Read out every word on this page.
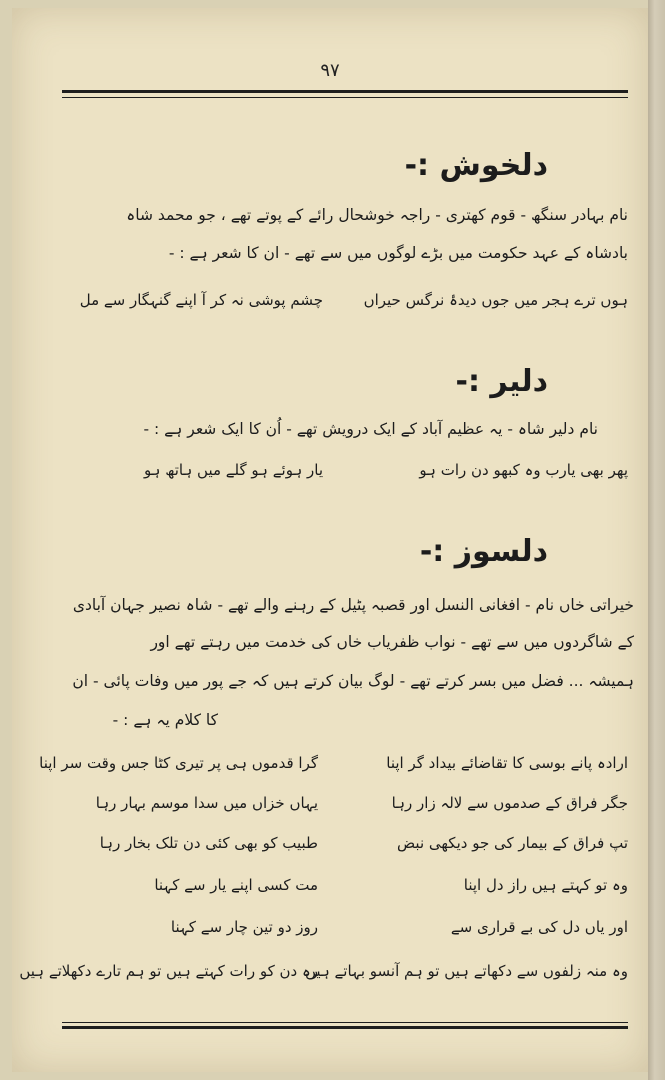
۹۷
دلخوش :-
نام بہادر سنگھ - قوم کھتری - راجہ خوشحال رائے کے پوتے تھے ، جو محمد شاہ
بادشاہ کے عہد حکومت میں بڑے لوگوں میں سے تھے - ان کا شعر ہے : -
ہوں ترے ہجر میں جوں دیدۂ نرگس حیراں
چشم پوشی نہ کر آ اپنے گنہگار سے مل
دلیر :-
نام دلیر شاہ - یہ عظیم آباد کے ایک درویش تھے - اُن کا ایک شعر ہے : -
پھر بھی یارب وہ کبھو دن رات ہو
یار ہوئے ہو گلے میں ہاتھ ہو
دلسوز :-
خیراتی خاں نام - افغانی النسل اور قصبہ پٹیل کے رہنے والے تھے - شاہ نصیر جہان آبادی
کے شاگردوں میں سے تھے - نواب ظفریاب خاں کی خدمت میں رہتے تھے اور
ہمیشہ ... فضل میں بسر کرتے تھے - لوگ بیان کرتے ہیں کہ جے پور میں وفات پائی - ان
کا کلام یہ ہے : -
ارادہ پانے بوسی کا تقاضائے بیداد گر اپنا
گرا قدموں ہی پر تیری کٹا جس وقت سر اپنا
جگر فراق کے صدموں سے لالہ زار رہا
یہاں خزاں میں سدا موسم بہار رہا
تپ فراق کے بیمار کی جو دیکھی نبض
طبیب کو بھی کئی دن تلک بخار رہا
وہ تو کہتے ہیں راز دل اپنا
مت کسی اپنے یار سے کہنا
اور یاں دل کی بے قراری سے
روز دو تین چار سے کہنا
وہ منہ زلفوں سے دکھاتے ہیں تو ہم آنسو بہاتے ہیں
رہ دن کو رات کہتے ہیں تو ہم تارے دکھلاتے ہیں
